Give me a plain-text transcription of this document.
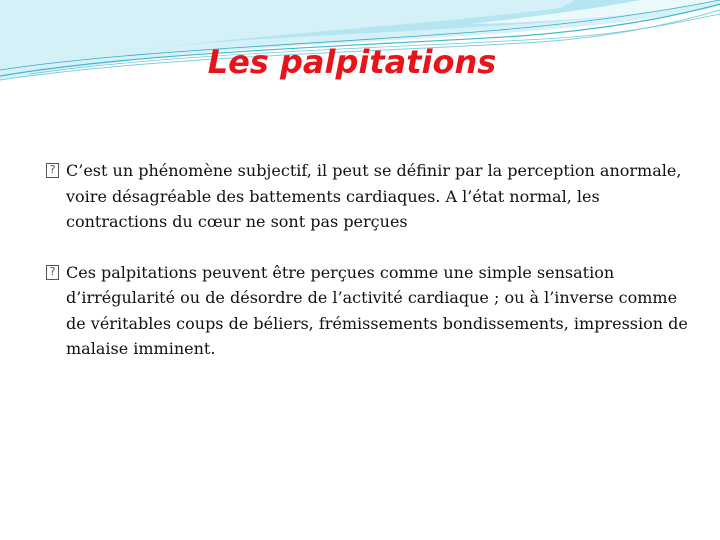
Les palpitations
? C’est un phénomène subjectif, il peut se définir par la perception anormale, voire désagréable des battements cardiaques. A l’état normal, les contractions du cœur ne sont pas perçues
? Ces palpitations peuvent être perçues comme une simple sensation d’irrégularité ou de désordre de l’activité cardiaque ; ou à l’inverse comme de véritables coups de béliers, frémissements bondissements, impression de malaise imminent.
